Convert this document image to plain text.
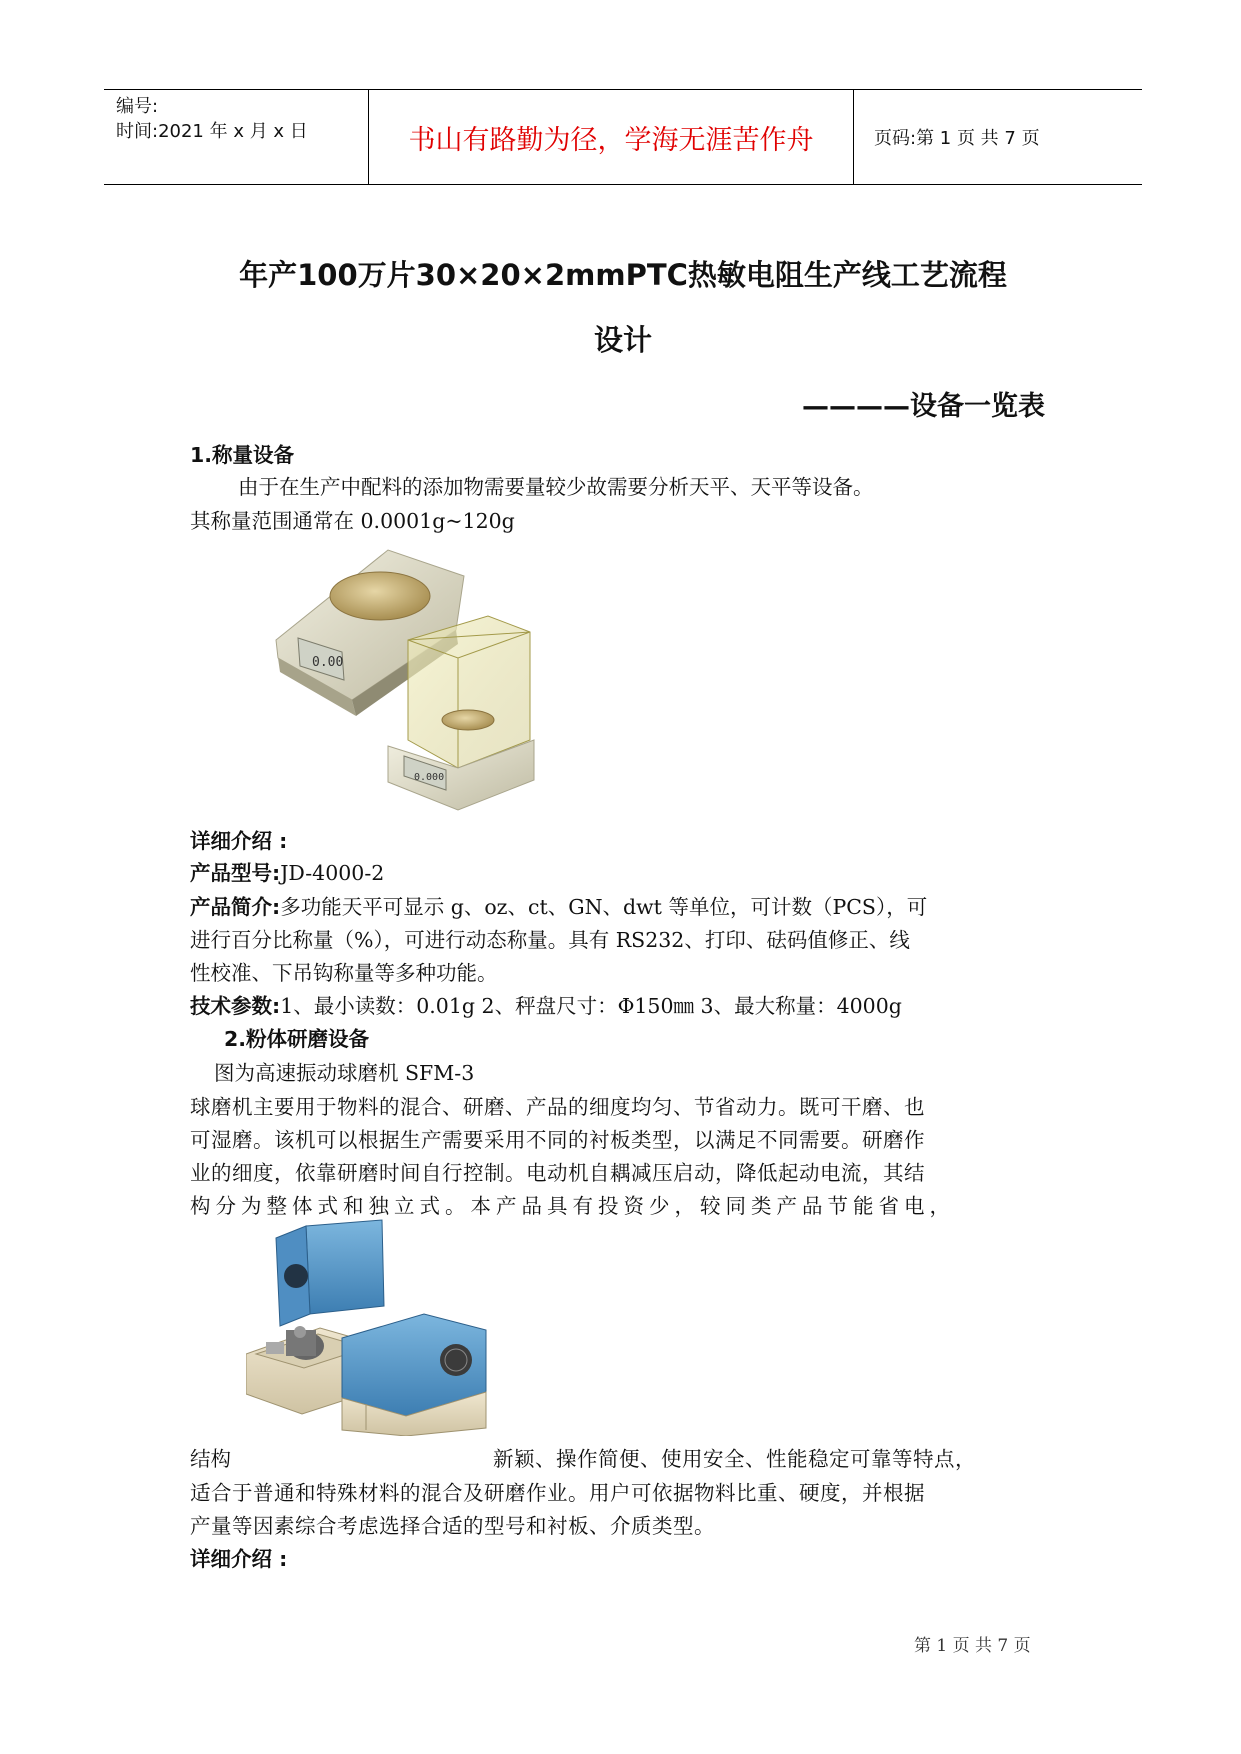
编号:
时间:2021 年 x 月 x 日	书山有路勤为径，学海无涯苦作舟	页码:第 1 页 共 7 页
年产100万片30×20×2mmPTC热敏电阻生产线工艺流程
设计
————设备一览表
1.称量设备
由于在生产中配料的添加物需要量较少故需要分析天平、天平等设备。
其称量范围通常在 0.0001g~120g
0.00
0.000
详细介绍 :
产品型号:JD-4000-2
产品简介:多功能天平可显示 g、oz、ct、GN、dwt 等单位，可计数（PCS），可
进行百分比称量（%），可进行动态称量。具有 RS232、打印、砝码值修正、线
性校准、下吊钩称量等多种功能。
技术参数:1、最小读数：0.01g 2、秤盘尺寸：Φ150㎜ 3、最大称量：4000g
2.粉体研磨设备
图为高速振动球磨机 SFM-3
球磨机主要用于物料的混合、研磨、产品的细度均匀、节省动力。既可干磨、也
可湿磨。该机可以根据生产需要采用不同的衬板类型，以满足不同需要。研磨作
业的细度，依靠研磨时间自行控制。电动机自耦减压启动，降低起动电流，其结
构分为整体式和独立式。本产品具有投资少，较同类产品节能省电，
结构	新颖、操作简便、使用安全、性能稳定可靠等特点，
适合于普通和特殊材料的混合及研磨作业。用户可依据物料比重、硬度，并根据
产量等因素综合考虑选择合适的型号和衬板、介质类型。
详细介绍 :
第 1 页 共 7 页
